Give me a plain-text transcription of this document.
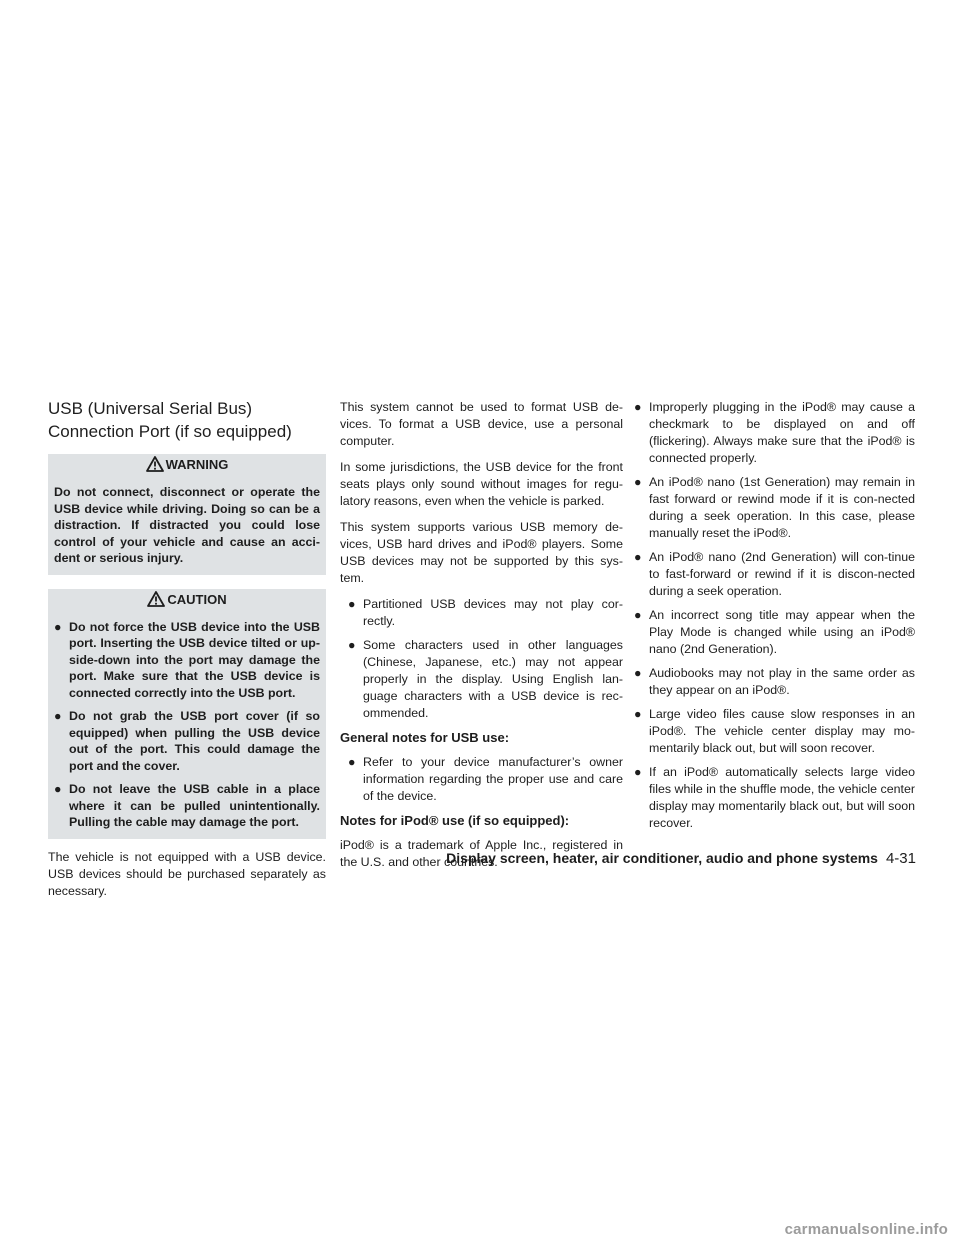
USB (Universal Serial Bus)
Connection Port (if so equipped)
WARNING
Do not connect, disconnect or operate the USB device while driving. Doing so can be a distraction. If distracted you could lose control of your vehicle and cause an acci-dent or serious injury.
CAUTION
● Do not force the USB device into the USB port. Inserting the USB device tilted or up-side-down into the port may damage the port. Make sure that the USB device is connected correctly into the USB port.
● Do not grab the USB port cover (if so equipped) when pulling the USB device out of the port. This could damage the port and the cover.
● Do not leave the USB cable in a place where it can be pulled unintentionally. Pulling the cable may damage the port.

The vehicle is not equipped with a USB device. USB devices should be purchased separately as necessary.

This system cannot be used to format USB de-vices. To format a USB device, use a personal computer.

In some jurisdictions, the USB device for the front seats plays only sound without images for regu-latory reasons, even when the vehicle is parked.

This system supports various USB memory de-vices, USB hard drives and iPod® players. Some USB devices may not be supported by this sys-tem.

● Partitioned USB devices may not play cor-rectly.
● Some characters used in other languages (Chinese, Japanese, etc.) may not appear properly in the display. Using English lan-guage characters with a USB device is rec-ommended.
General notes for USB use:
● Refer to your device manufacturer’s owner information regarding the proper use and care of the device.
Notes for iPod® use (if so equipped):

iPod® is a trademark of Apple Inc., registered in the U.S. and other countries.

● Improperly plugging in the iPod® may cause a checkmark to be displayed on and off (flickering). Always make sure that the iPod® is connected properly.
● An iPod® nano (1st Generation) may remain in fast forward or rewind mode if it is con-nected during a seek operation. In this case, please manually reset the iPod®.
● An iPod® nano (2nd Generation) will con-tinue to fast-forward or rewind if it is discon-nected during a seek operation.
● An incorrect song title may appear when the Play Mode is changed while using an iPod® nano (2nd Generation).
● Audiobooks may not play in the same order as they appear on an iPod®.
● Large video files cause slow responses in an iPod®. The vehicle center display may mo-mentarily black out, but will soon recover.
● If an iPod® automatically selects large video files while in the shuffle mode, the vehicle center display may momentarily black out, but will soon recover.
Display screen, heater, air conditioner, audio and phone systems 4-31
carmanualsonline.info
